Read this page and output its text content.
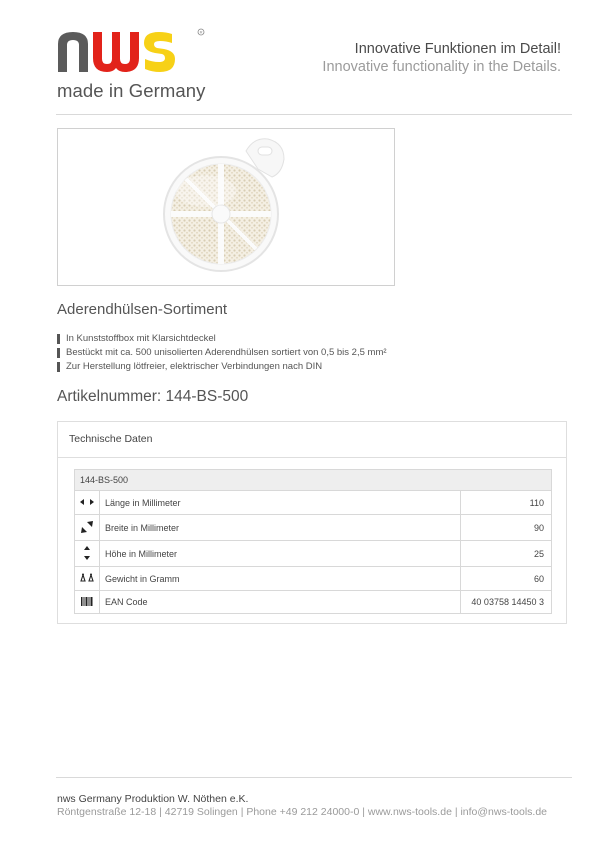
R
made in Germany
Innovative Funktionen im Detail!
Innovative functionality in the Details.
Aderendhülsen-Sortiment
In Kunststoffbox mit Klarsichtdeckel
Bestückt mit ca. 500 unisolierten Aderendhülsen sortiert von 0,5 bis 2,5 mm²
Zur Herstellung lötfreier, elektrischer Verbindungen nach DIN
Artikelnummer: 144-BS-500
Technische Daten
144-BS-500		
	Länge in Millimeter	110
	Breite in Millimeter	90
	Höhe in Millimeter	25
	Gewicht in Gramm	60
	EAN Code	40 03758 14450 3
nws Germany Produktion W. Nöthen e.K.
Röntgenstraße 12-18 | 42719 Solingen | Phone +49 212 24000-0 | www.nws-tools.de | info@nws-tools.de
